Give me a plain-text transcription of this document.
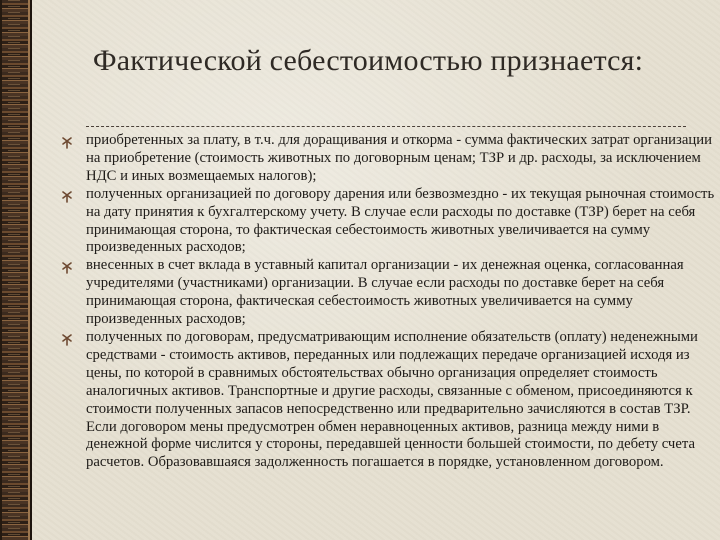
Фактической себестоимостью признается:
приобретенных за плату, в т.ч. для доращивания и откорма - сумма фактических затрат организации на приобретение (стоимость животных по договорным ценам; ТЗР и др. расходы, за исключением НДС и иных возмещаемых налогов);
полученных организацией по договору дарения или безвозмездно - их текущая рыночная стоимость на дату принятия к бухгалтерскому учету. В случае если расходы по доставке (ТЗР) берет на себя принимающая сторона, то фактическая себестоимость животных увеличивается на сумму произведенных расходов;
внесенных в счет вклада в уставный капитал организации - их денежная оценка, согласованная учредителями (участниками) организации. В случае если расходы по доставке берет на себя принимающая сторона, фактическая себестоимость животных увеличивается на сумму произведенных расходов;
полученных по договорам, предусматривающим исполнение обязательств (оплату) неденежными средствами - стоимость активов, переданных или подлежащих передаче организацией исходя из цены, по которой в сравнимых обстоятельствах обычно организация определяет стоимость аналогичных активов. Транспортные и другие расходы, связанные с обменом, присоединяются к стоимости полученных запасов непосредственно или предварительно зачисляются в состав ТЗР. Если договором мены предусмотрен обмен неравноценных активов, разница между ними в денежной форме числится у стороны, передавшей ценности большей стоимости, по дебету счета расчетов. Образовавшаяся задолженность погашается в порядке, установленном договором.
